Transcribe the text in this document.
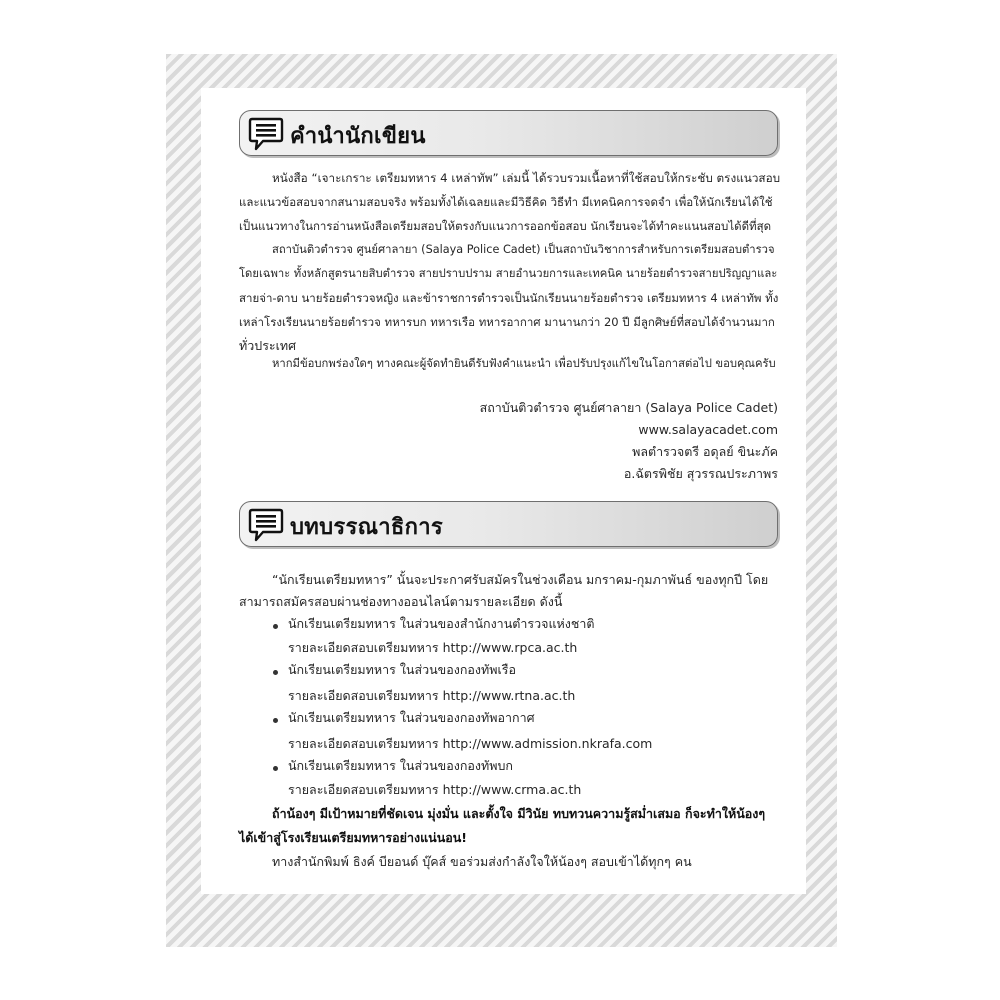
คำนำนักเขียน
หนังสือ “เจาะเกราะ เตรียมทหาร 4 เหล่าทัพ” เล่มนี้ ได้รวบรวมเนื้อหาที่ใช้สอบให้กระชับ ตรงแนวสอบ
และแนวข้อสอบจากสนามสอบจริง พร้อมทั้งได้เฉลยและมีวิธีคิด วิธีทำ มีเทคนิคการจดจำ เพื่อให้นักเรียนได้ใช้
เป็นแนวทางในการอ่านหนังสือเตรียมสอบให้ตรงกับแนวการออกข้อสอบ นักเรียนจะได้ทำคะแนนสอบได้ดีที่สุด
สถาบันติวตำรวจ ศูนย์ศาลายา (Salaya Police Cadet) เป็นสถาบันวิชาการสำหรับการเตรียมสอบตำรวจ
โดยเฉพาะ ทั้งหลักสูตรนายสิบตำรวจ สายปราบปราม สายอำนวยการและเทคนิค นายร้อยตำรวจสายปริญญาและ
สายจ่า-ดาบ นายร้อยตำรวจหญิง และข้าราชการตำรวจเป็นนักเรียนนายร้อยตำรวจ เตรียมทหาร 4 เหล่าทัพ ทั้ง
เหล่าโรงเรียนนายร้อยตำรวจ ทหารบก ทหารเรือ ทหารอากาศ มานานกว่า 20 ปี มีลูกศิษย์ที่สอบได้จำนวนมาก
ทั่วประเทศ
หากมีข้อบกพร่องใดๆ ทางคณะผู้จัดทำยินดีรับฟังคำแนะนำ เพื่อปรับปรุงแก้ไขในโอกาสต่อไป ขอบคุณครับ
สถาบันติวตำรวจ ศูนย์ศาลายา (Salaya Police Cadet)
www.salayacadet.com
พลตำรวจตรี อดุลย์ ขินะภัค
อ.ฉัตรพิชัย สุวรรณประภาพร
บทบรรณาธิการ
“นักเรียนเตรียมทหาร” นั้นจะประกาศรับสมัครในช่วงเดือน มกราคม-กุมภาพันธ์ ของทุกปี โดย
สามารถสมัครสอบผ่านช่องทางออนไลน์ตามรายละเอียด ดังนี้
นักเรียนเตรียมทหาร ในส่วนของสำนักงานตำรวจแห่งชาติ
รายละเอียดสอบเตรียมทหาร http://www.rpca.ac.th
นักเรียนเตรียมทหาร ในส่วนของกองทัพเรือ
รายละเอียดสอบเตรียมทหาร http://www.rtna.ac.th
นักเรียนเตรียมทหาร ในส่วนของกองทัพอากาศ
รายละเอียดสอบเตรียมทหาร http://www.admission.nkrafa.com
นักเรียนเตรียมทหาร ในส่วนของกองทัพบก
รายละเอียดสอบเตรียมทหาร http://www.crma.ac.th
ถ้าน้องๆ มีเป้าหมายที่ชัดเจน มุ่งมั่น และตั้งใจ มีวินัย ทบทวนความรู้สม่ำเสมอ ก็จะทำให้น้องๆ
ได้เข้าสู่โรงเรียนเตรียมทหารอย่างแน่นอน!
ทางสำนักพิมพ์ ธิงค์ บียอนด์ บุ๊คส์ ขอร่วมส่งกำลังใจให้น้องๆ สอบเข้าได้ทุกๆ คน
